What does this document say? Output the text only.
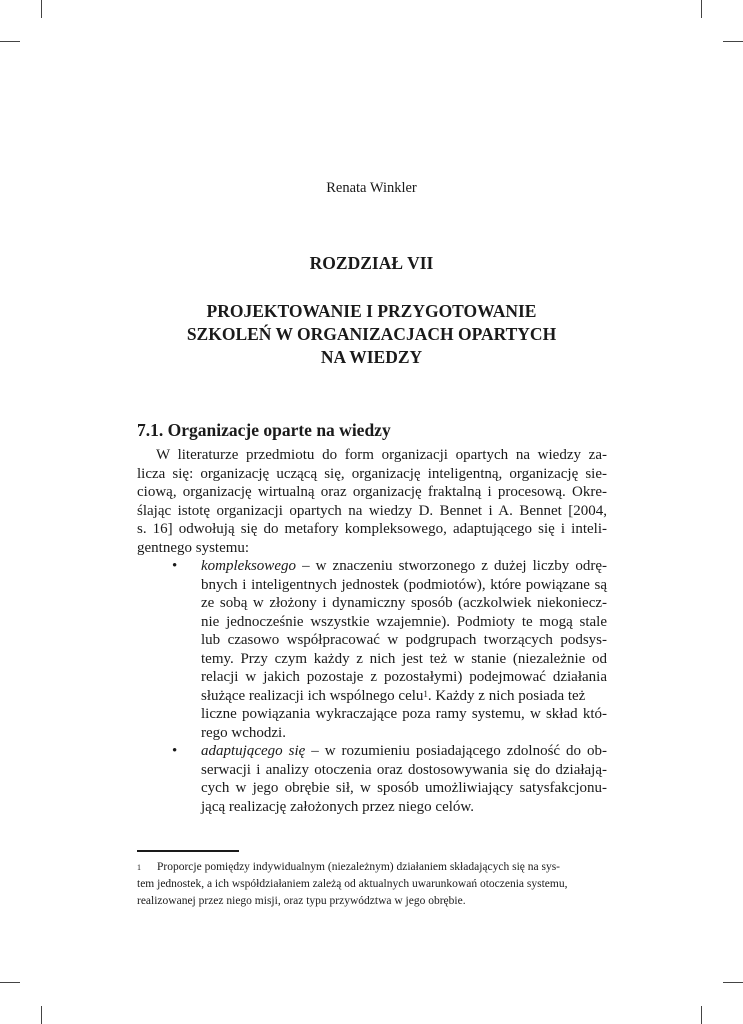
Renata Winkler
ROZDZIAŁ VII
PROJEKTOWANIE I PRZYGOTOWANIE
SZKOLEŃ W ORGANIZACJACH OPARTYCH
NA WIEDZY
7.1. Organizacje oparte na wiedzy
W literaturze przedmiotu do form organizacji opartych na wiedzy za-
licza się: organizację uczącą się, organizację inteligentną, organizację sie-
ciową, organizację wirtualną oraz organizację fraktalną i procesową. Okre-
ślając istotę organizacji opartych na wiedzy D. Bennet i A. Bennet [2004,
s. 16] odwołują się do metafory kompleksowego, adaptującego się i inteli-
gentnego systemu:
• kompleksowego – w znaczeniu stworzonego z dużej liczby odrę-
bnych i inteligentnych jednostek (podmiotów), które powiązane są
ze sobą w złożony i dynamiczny sposób (aczkolwiek niekoniecz-
nie jednocześnie wszystkie wzajemnie). Podmioty te mogą stale
lub czasowo współpracować w podgrupach tworzących podsys-
temy. Przy czym każdy z nich jest też w stanie (niezależnie od
relacji w jakich pozostaje z pozostałymi) podejmować działania
służące realizacji ich wspólnego celu$^1$. Każdy z nich posiada też
liczne powiązania wykraczające poza ramy systemu, w skład któ-
rego wchodzi.
• adaptującego się – w rozumieniu posiadającego zdolność do ob-
serwacji i analizy otoczenia oraz dostosowywania się do działają-
cych w jego obrębie sił, w sposób umożliwiający satysfakcjonu-
jącą realizację założonych przez niego celów.
1 Proporcje pomiędzy indywidualnym (niezależnym) działaniem składających się na sys-
tem jednostek, a ich współdziałaniem zależą od aktualnych uwarunkowań otoczenia systemu,
realizowanej przez niego misji, oraz typu przywództwa w jego obrębie.
